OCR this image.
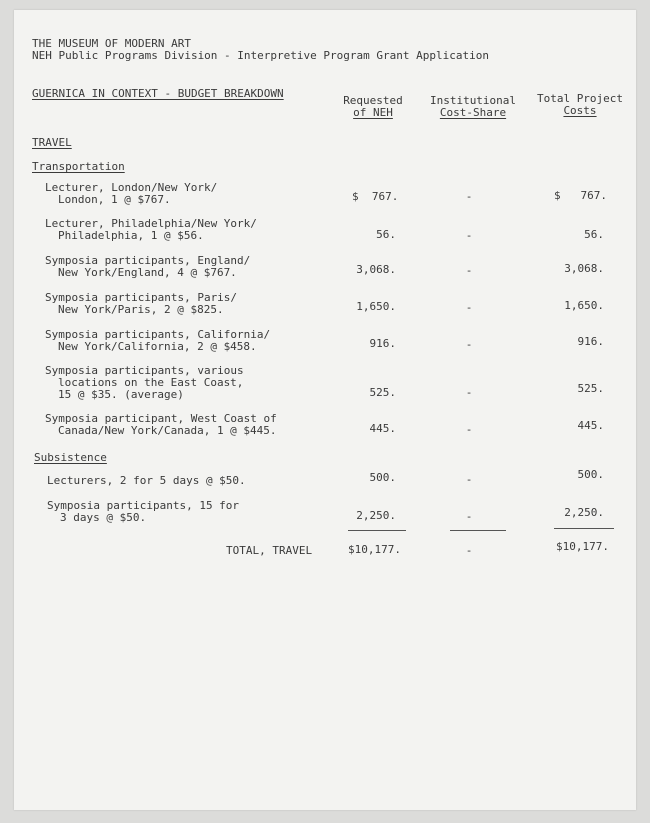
THE MUSEUM OF MODERN ART
NEH Public Programs Division - Interpretive Program Grant Application
GUERNICA IN CONTEXT - BUDGET BREAKDOWN
Requested
of NEH
Institutional
Cost-Share
Total Project
Costs
TRAVEL
Transportation
Lecturer, London/New York/
London, 1 @ $767.	$  767.	-	$   767.
Lecturer, Philadelphia/New York/
Philadelphia, 1 @ $56.	56.	-	56.
Symposia participants, England/
New York/England, 4 @ $767.	3,068.	-	3,068.
Symposia participants, Paris/
New York/Paris, 2 @ $825.	1,650.	-	1,650.
Symposia participants, California/
New York/California, 2 @ $458.	916.	-	916.
Symposia participants, various
locations on the East Coast,
15 @ $35. (average)	525.	-	525.
Symposia participant, West Coast of
Canada/New York/Canada, 1 @ $445.	445.	-	445.
Subsistence
Lecturers, 2 for 5 days @ $50.	500.	-	500.
Symposia participants, 15 for
3 days @ $50.	2,250.	-	2,250.
TOTAL, TRAVEL	$10,177.	-	$10,177.
